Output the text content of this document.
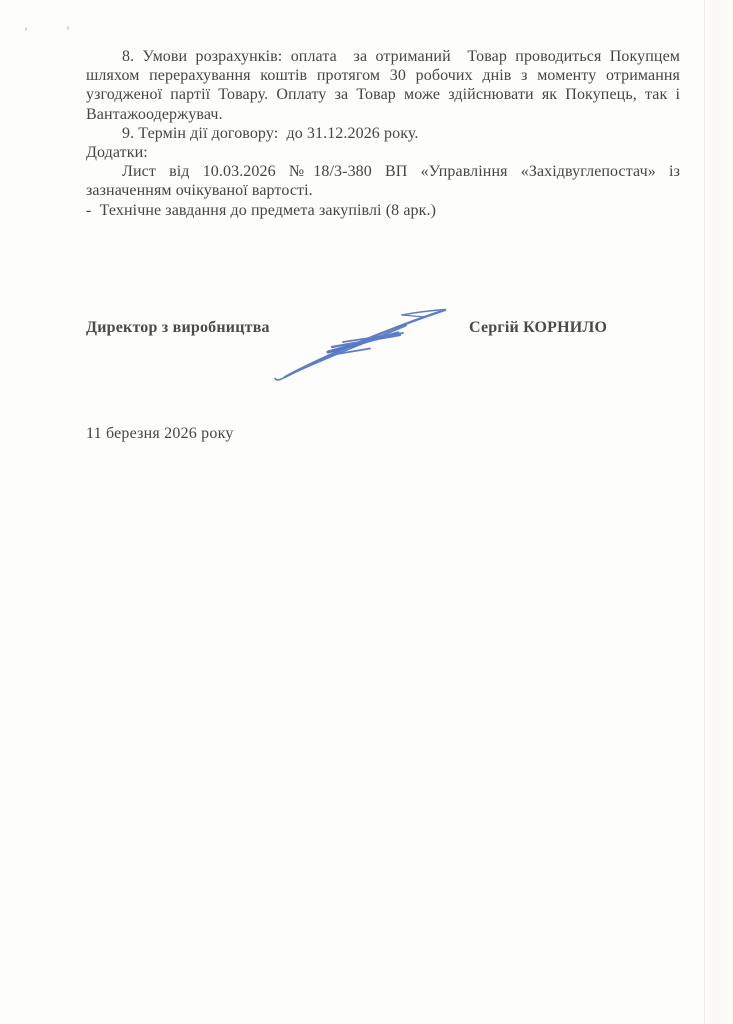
8. Умови розрахунків: оплата  за отриманий  Товар проводиться Покупцем
шляхом перерахування коштів протягом 30 робочих днів з моменту отримання
узгодженої партії Товару. Оплату за Товар може здійснювати як Покупець, так і
Вантажоодержувач.
9. Термін дії договору:  до 31.12.2026 року.
Додатки:
Лист від 10.03.2026 №18/3-380 ВП «Управління «Західвуглепостач» із
зазначенням очікуваної вартості.
-  Технічне завдання до предмета закупівлі (8 арк.)
Директор з виробництва	Сергій КОРНИЛО
11 березня 2026 року
